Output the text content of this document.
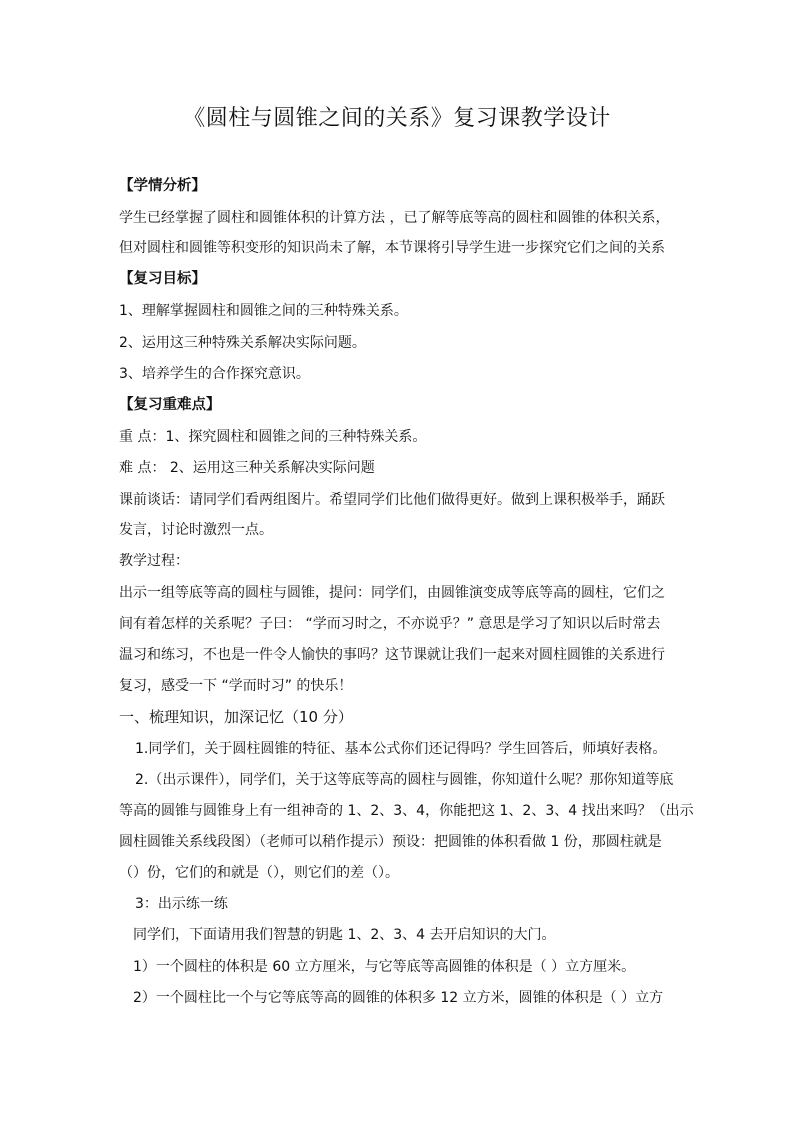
《圆柱与圆锥之间的关系》复习课教学设计
【学情分析】
学生已经掌握了圆柱和圆锥体积的计算方法 ，已了解等底等高的圆柱和圆锥的体积关系，
但对圆柱和圆锥等积变形的知识尚未了解，本节课将引导学生进一步探究它们之间的关系
【复习目标】
1、理解掌握圆柱和圆锥之间的三种特殊关系。
2、运用这三种特殊关系解决实际问题。
3、培养学生的合作探究意识。
【复习重难点】
重 点：1、探究圆柱和圆锥之间的三种特殊关系。
难 点： 2、运用这三种关系解决实际问题
课前谈话：请同学们看两组图片。希望同学们比他们做得更好。做到上课积极举手，踊跃
发言，讨论时激烈一点。
教学过程：
出示一组等底等高的圆柱与圆锥，提问：同学们，由圆锥演变成等底等高的圆柱，它们之
间有着怎样的关系呢？子曰： “学而习时之，不亦说乎？” 意思是学习了知识以后时常去
温习和练习，不也是一件令人愉快的事吗？这节课就让我们一起来对圆柱圆锥的关系进行
复习，感受一下 “学而时习” 的快乐！
一、梳理知识，加深记忆（10 分）
1.同学们，关于圆柱圆锥的特征、基本公式你们还记得吗？学生回答后，师填好表格。
2.（出示课件），同学们，关于这等底等高的圆柱与圆锥，你知道什么呢？那你知道等底
等高的圆锥与圆锥身上有一组神奇的 1、2、3、4，你能把这 1、2、3、4 找出来吗？（出示
圆柱圆锥关系线段图）（老师可以稍作提示）预设：把圆锥的体积看做 1 份，那圆柱就是
（）份，它们的和就是（），则它们的差（）。
3：出示练一练
同学们，下面请用我们智慧的钥匙 1、2、3、4 去开启知识的大门。
1）一个圆柱的体积是 60 立方厘米，与它等底等高圆锥的体积是（ ）立方厘米。
2）一个圆柱比一个与它等底等高的圆锥的体积多 12 立方米，圆锥的体积是（ ）立方
